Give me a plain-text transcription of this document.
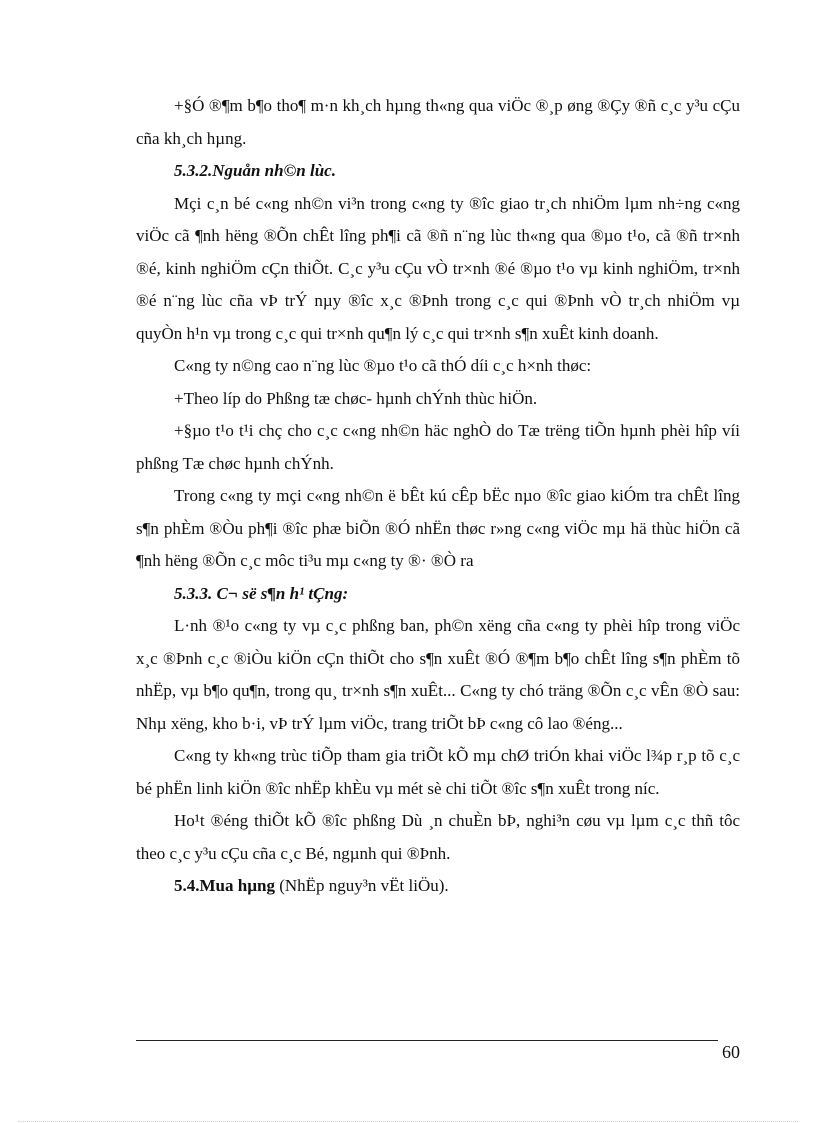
+§Ó ®¶m b¶o tho¶ m·n kh¸ch hµng th«ng qua viÖc ®¸p øng ®Çy ®ñ c¸c y³u cÇu cña kh¸ch hµng.

5.3.2.Nguån nh©n lùc.

Mçi c¸n bé c«ng nh©n vi³n trong c«ng ty ®îc giao tr¸ch nhiÖm lµm nh÷ng c«ng viÖc cã ¶nh hëng ®Õn chÊt lîng ph¶i cã ®ñ n¨ng lùc th«ng qua ®µo t¹o, cã ®ñ tr×nh ®é, kinh nghiÖm cÇn thiÕt. C¸c y³u cÇu vÒ tr×nh ®é ®µo t¹o vµ kinh nghiÖm, tr×nh ®é n¨ng lùc cña vÞ trÝ nµy ®îc x¸c ®Þnh trong c¸c qui ®Þnh vÒ tr¸ch nhiÖm vµ quyÒn h¹n vµ trong c¸c qui tr×nh qu¶n lý c¸c qui tr×nh s¶n xuÊt kinh doanh.

C«ng ty n©ng cao n¨ng lùc ®µo t¹o cã thÓ díi c¸c h×nh thøc:

+Theo líp do Phßng tæ chøc- hµnh chÝnh thùc hiÖn.

+§µo t¹o t¹i chç cho c¸c c«ng nh©n häc nghÒ do Tæ trëng tiÕn hµnh phèi hîp víi phßng Tæ chøc hµnh chÝnh.

Trong c«ng ty mçi c«ng nh©n ë bÊt kú cÊp bËc nµo ®îc giao kiÓm tra chÊt lîng s¶n phÈm ®Òu ph¶i ®îc phæ biÕn ®Ó nhËn thøc r»ng c«ng viÖc mµ hä thùc hiÖn cã ¶nh hëng ®Õn c¸c môc ti³u mµ c«ng ty ®· ®Ò ra

5.3.3. C¬ së s¶n h¹ tÇng:

L·nh ®¹o c«ng ty vµ c¸c phßng ban, ph©n xëng cña c«ng ty phèi hîp trong viÖc x¸c ®Þnh c¸c ®iÒu kiÖn cÇn thiÕt cho s¶n xuÊt ®Ó ®¶m b¶o chÊt lîng s¶n phÈm tõ nhËp, vµ b¶o qu¶n, trong qu¸ tr×nh s¶n xuÊt... C«ng ty chó träng ®Õn c¸c vÊn ®Ò sau: Nhµ xëng, kho b·i, vÞ trÝ lµm viÖc, trang triÕt bÞ c«ng cô lao ®éng...

C«ng ty kh«ng trùc tiÕp tham gia triÕt kÕ mµ chØ triÓn khai viÖc l¾p r¸p tõ c¸c bé phËn linh kiÖn ®îc nhËp khÈu vµ mét sè chi tiÕt ®îc s¶n xuÊt trong níc.

Ho¹t ®éng thiÕt kÕ ®îc phßng Dù ¸n chuÈn bÞ, nghi³n cøu vµ lµm c¸c thñ tôc theo c¸c y³u cÇu cña c¸c Bé, ngµnh qui ®Þnh.

5.4.Mua hµng (NhËp nguy³n vËt liÖu).

60
